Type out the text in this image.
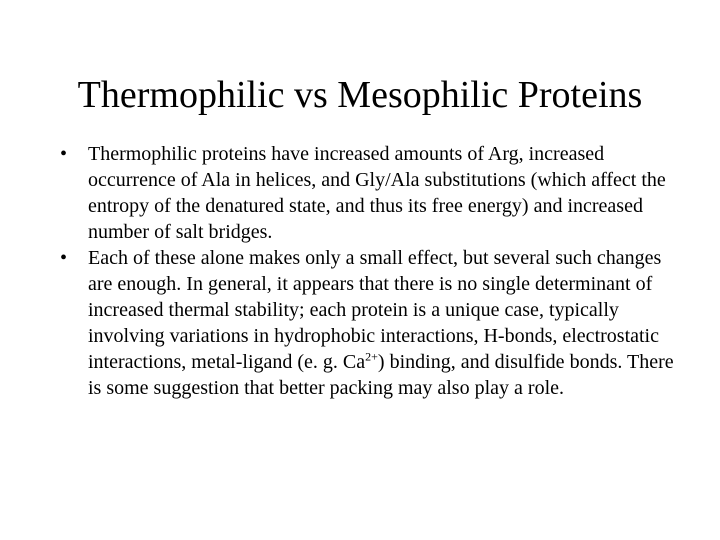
Thermophilic vs Mesophilic Proteins
•	Thermophilic proteins have increased amounts of Arg, increased occurrence of Ala in helices, and Gly/Ala substitutions (which affect the entropy of the denatured state, and thus its free energy) and increased number of salt bridges.
•	Each of these alone makes only a small effect, but several such changes are enough. In general, it appears that there is no single determinant of increased thermal stability; each protein is a unique case, typically involving variations in hydrophobic interactions, H-bonds, electrostatic interactions, metal-ligand (e. g. $Ca^{2+}$) binding, and disulfide bonds. There is some suggestion that better packing may also play a role.
